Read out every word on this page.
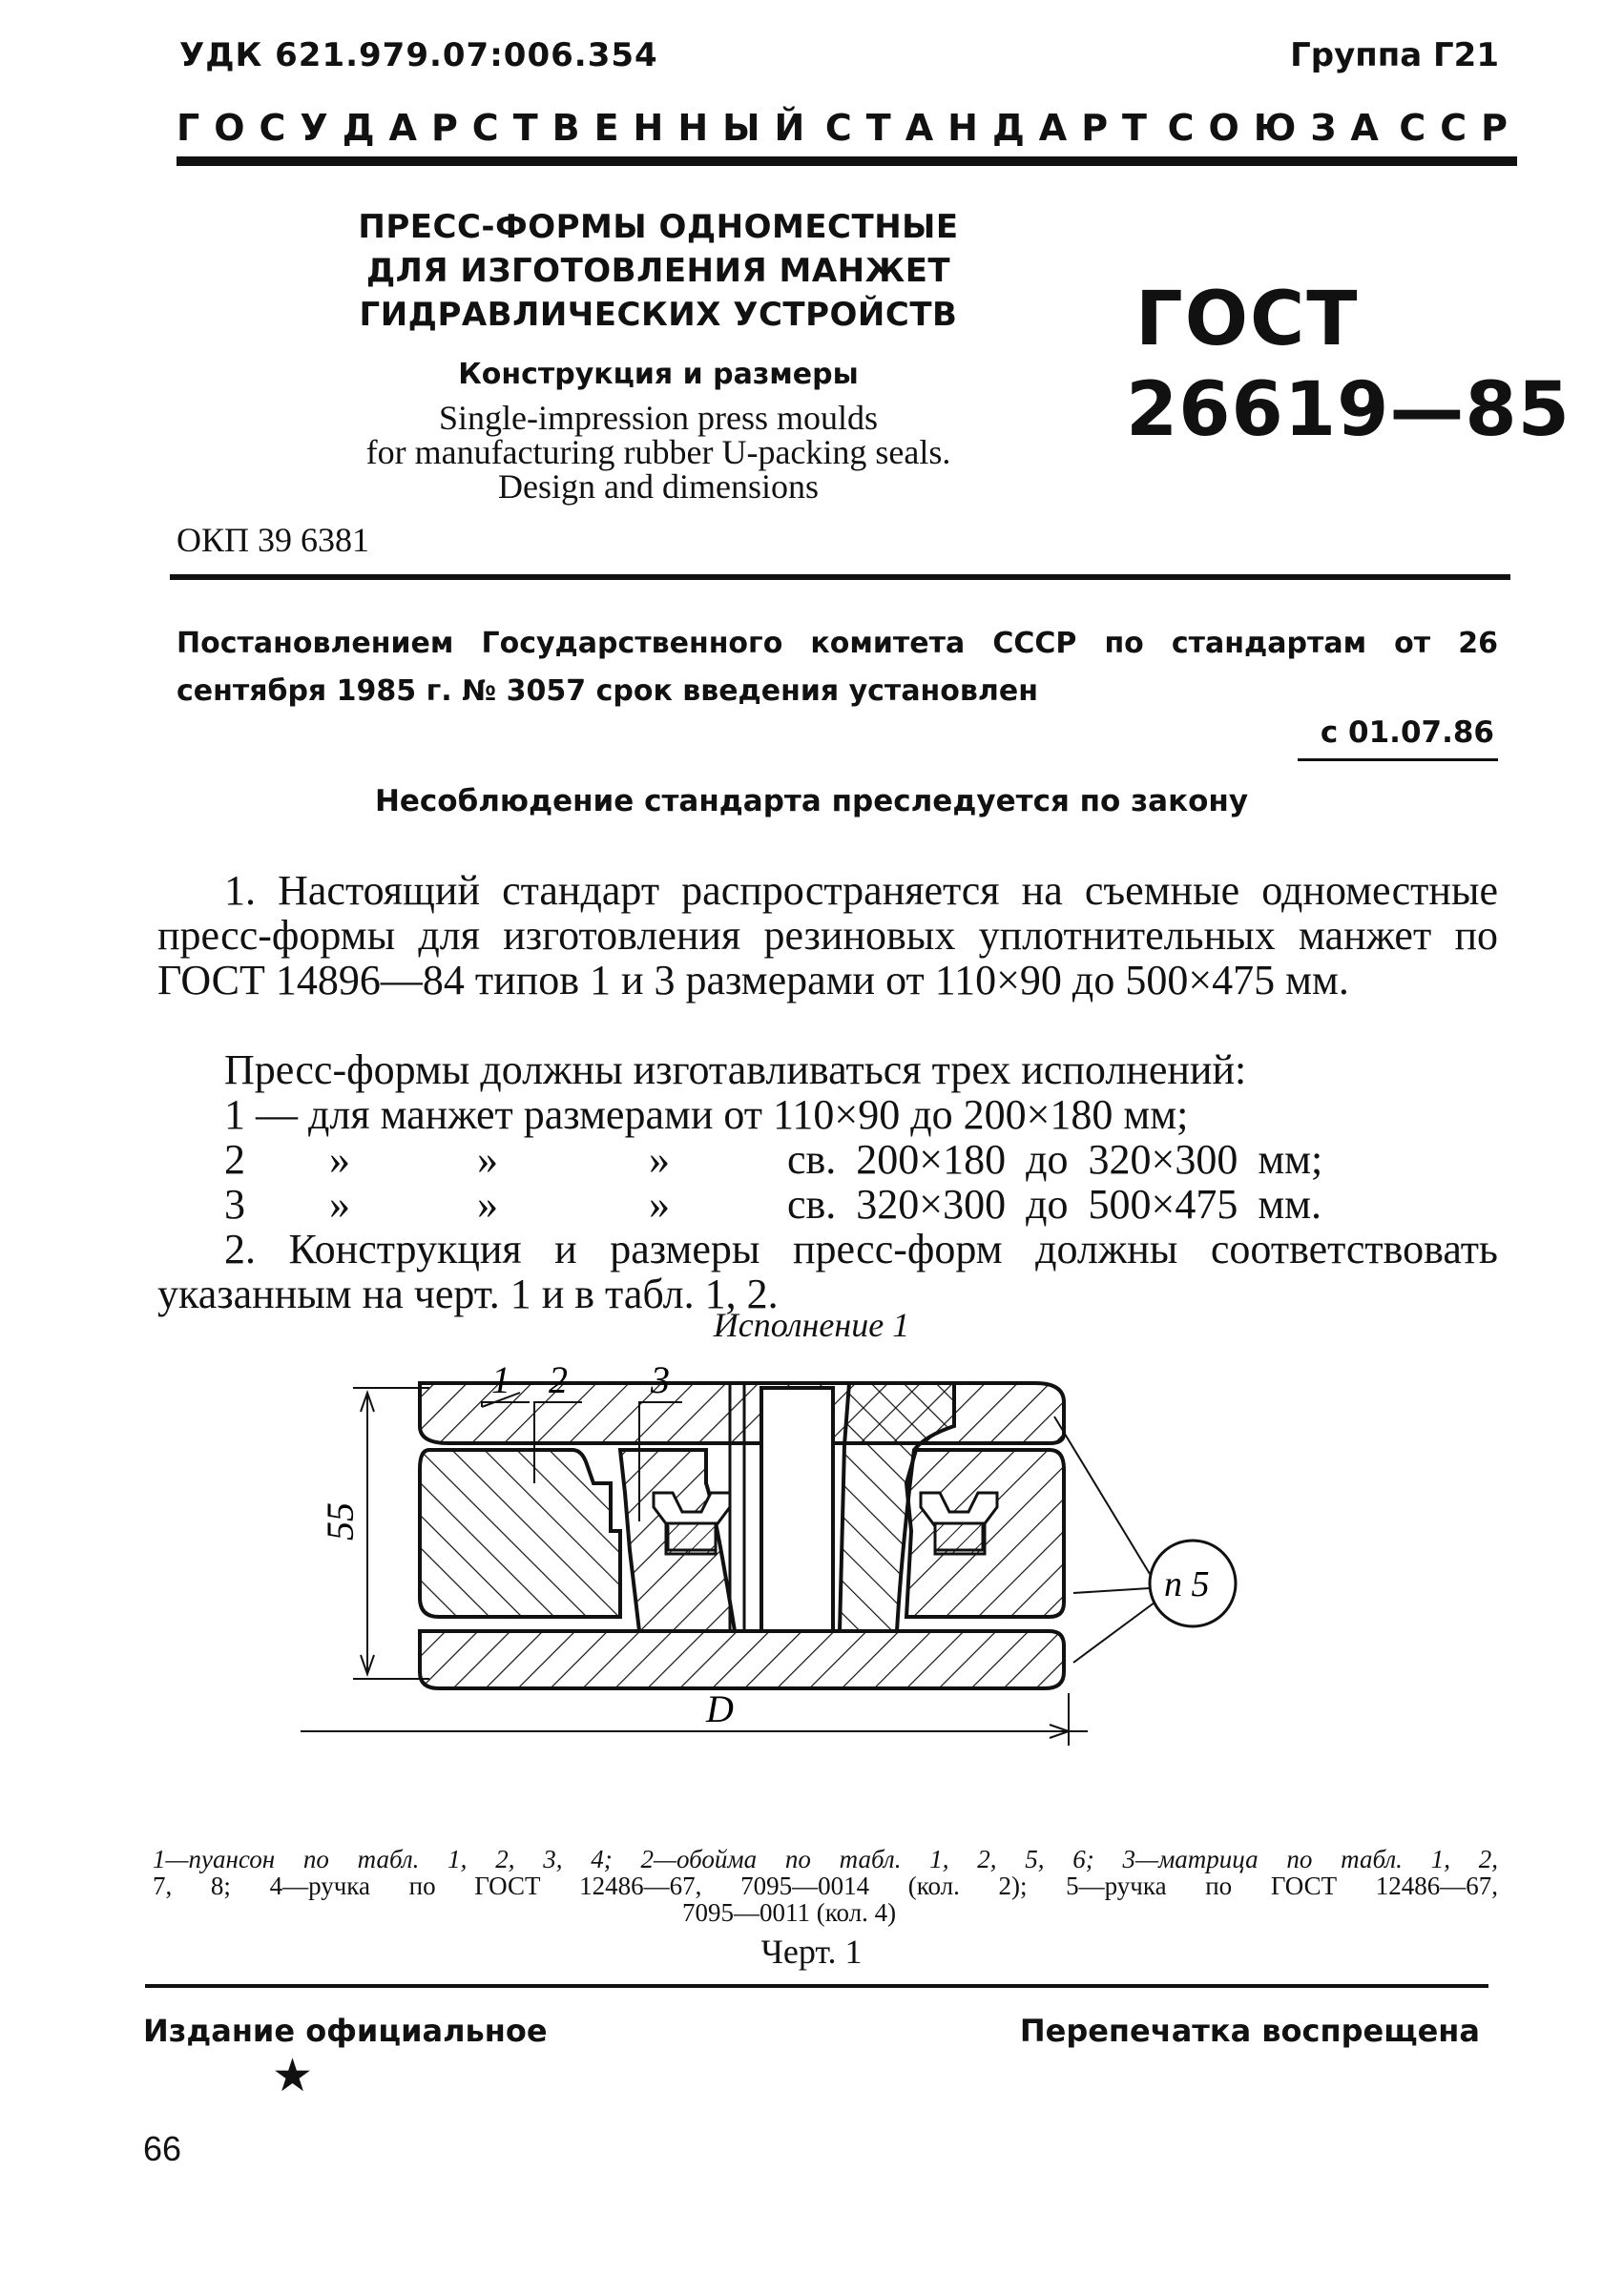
УДК 621.979.07:006.354	Группа Г21
ГОСУДАРСТВЕННЫЙ СТАНДАРТ СОЮЗА ССР
ПРЕСС-ФОРМЫ ОДНОМЕСТНЫЕ
ДЛЯ ИЗГОТОВЛЕНИЯ МАНЖЕТ
ГИДРАВЛИЧЕСКИХ УСТРОЙСТВ
Конструкция и размеры
Single-impression press moulds
for manufacturing rubber U-packing seals.
Design and dimensions
ГОСТ
26619—85
ОКП 39 6381
Постановлением Государственного комитета СССР по стандартам от 26 сентября 1985 г. № 3057 срок введения установлен
с 01.07.86
Несоблюдение стандарта преследуется по закону
1. Настоящий стандарт распространяется на съемные одноместные пресс-формы для изготовления резиновых уплотнительных манжет по ГОСТ 14896—84 типов 1 и 3 размерами от 110×90 до 500×475 мм.
Пресс-формы должны изготавливаться трех исполнений:
1 — для манжет размерами от 110×90 до 200×180 мм;
2 »	»	»	св. 200×180 до 320×300 мм;
3 »	»	»	св. 320×300 до 500×475 мм.
2. Конструкция и размеры пресс-форм должны соответствовать указанным на черт. 1 и в табл. 1, 2.
Исполнение 1
1 2 3
55
D
п 5
1—пуансон по табл. 1, 2, 3, 4; 2—обойма по табл. 1, 2, 5, 6; 3—матрица по табл. 1, 2,
7, 8; 4—ручка по ГОСТ 12486—67, 7095—0014 (кол. 2); 5—ручка по ГОСТ 12486—67,
7095—0011 (кол. 4)
Черт. 1
Издание официальное	Перепечатка воспрещена
★
66
